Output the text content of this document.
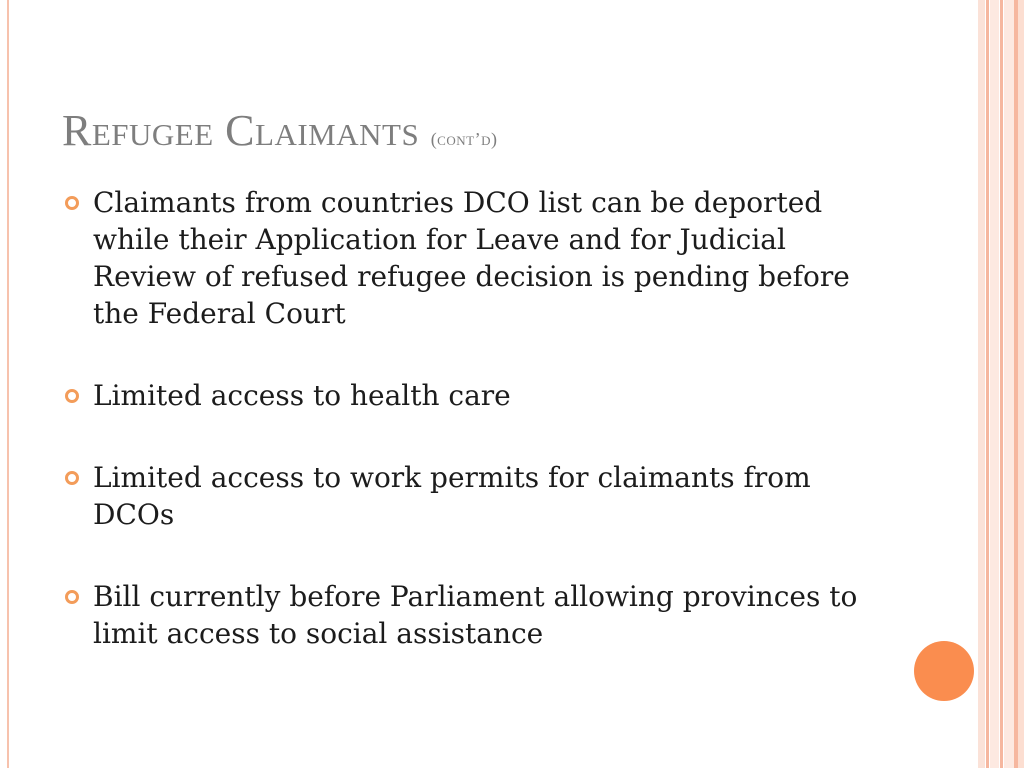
Refugee Claimants (cont’d)
Claimants from countries DCO list can be deported while their Application for Leave and for Judicial Review of refused refugee decision is pending before the Federal Court
Limited access to health care
Limited access to work permits for claimants from DCOs
Bill currently before Parliament allowing provinces to limit access to social assistance
